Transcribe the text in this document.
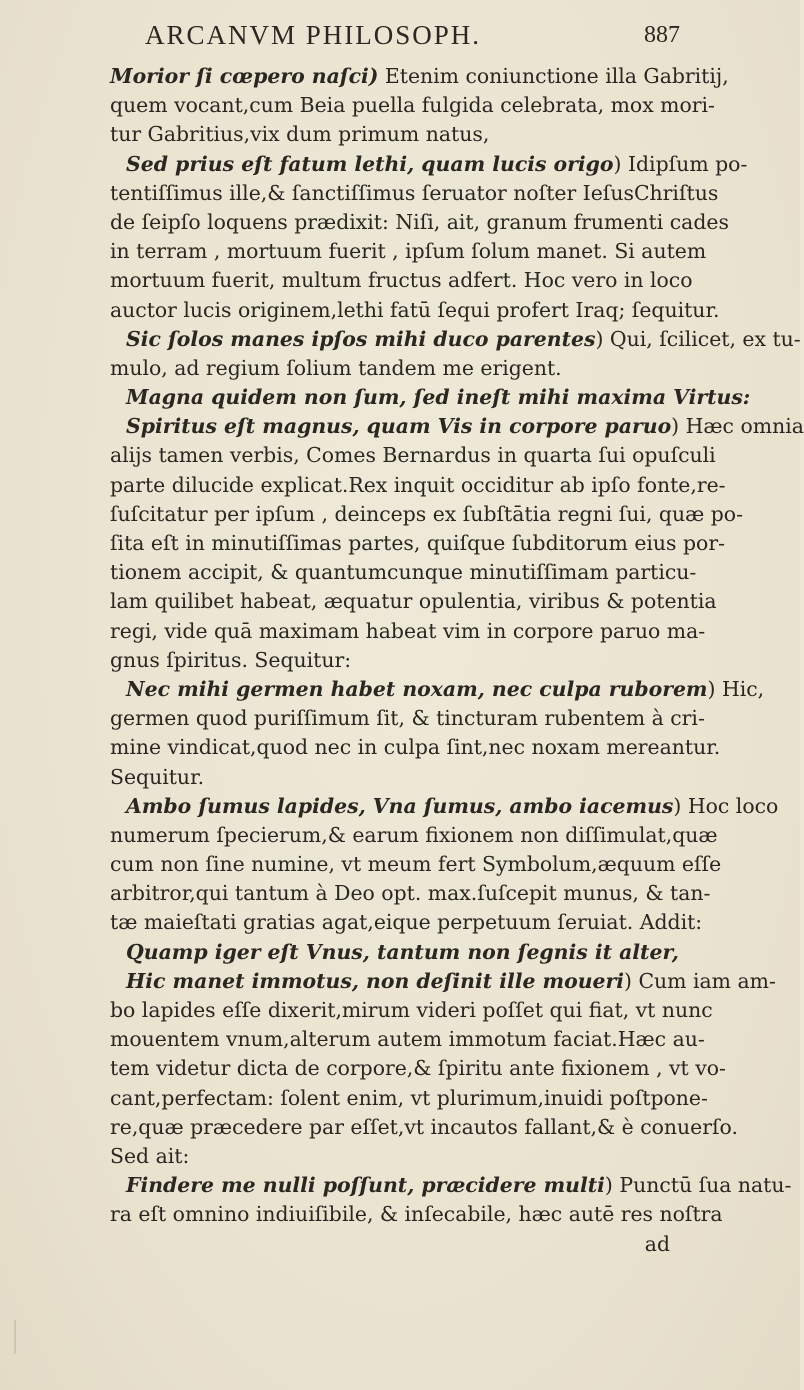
ARCANVM PHILOSOPH.	887
Morior ſi cœpero naſci) Etenim coniunctione illa Gabritij,
quem vocant,cum Beia puella fulgida celebrata, mox mori-
tur Gabritius,vix dum primum natus,
Sed prius eſt fatum lethi, quam lucis origo) Idipſum po-
tentiſſimus ille,& ſanctiſſimus ſeruator noſter IeſusChriſtus
de ſeipſo loquens prædixit: Niſi, ait, granum frumenti cades
in terram , mortuum fuerit , ipſum ſolum manet. Si autem
mortuum fuerit, multum fructus adfert. Hoc vero in loco
auctor lucis originem,lethi fatū ſequi profert Iraq; ſequitur.
Sic ſolos manes ipſos mihi duco parentes) Qui, ſcilicet, ex tu-
mulo, ad regium ſolium tandem me erigent.
Magna quidem non ſum, ſed ineſt mihi maxima Virtus:
Spiritus eſt magnus, quam Vis in corpore paruo) Hæc omnia
alijs tamen verbis, Comes Bernardus in quarta ſui opuſculi
parte dilucide explicat.Rex inquit occiditur ab ipſo fonte,re-
ſuſcitatur per ipſum , deinceps ex ſubſtātia regni ſui, quæ po-
ſita eſt in minutiſſimas partes, quiſque ſubditorum eius por-
tionem accipit, & quantumcunque minutiſſimam particu-
lam quilibet habeat, æquatur opulentia, viribus & potentia
regi, vide quā maximam habeat vim in corpore paruo ma-
gnus ſpiritus. Sequitur:
Nec mihi germen habet noxam, nec culpa ruborem) Hic,
germen quod puriſſimum ſit, & tincturam rubentem à cri-
mine vindicat,quod nec in culpa ſint,nec noxam mereantur.
Sequitur.
Ambo ſumus lapides, Vna ſumus, ambo iacemus) Hoc loco
numerum ſpecierum,& earum fixionem non diſſimulat,quæ
cum non ſine numine, vt meum fert Symbolum,æquum eſſe
arbitror,qui tantum à Deo opt. max.ſuſcepit munus, & tan-
tæ maieſtati gratias agat,eique perpetuum ſeruiat. Addit:
Quamp iger eſt Vnus, tantum non ſegnis it alter,
Hic manet immotus, non deſinit ille moueri) Cum iam am-
bo lapides eſſe dixerit,mirum videri poſſet qui fiat, vt nunc
mouentem vnum,alterum autem immotum faciat.Hæc au-
tem videtur dicta de corpore,& ſpiritu ante fixionem , vt vo-
cant,perfectam: ſolent enim, vt plurimum,inuidi poſtpone-
re,quæ præcedere par eſſet,vt incautos fallant,& è conuerſo.
Sed ait:
Findere me nulli poſſunt, præcidere multi) Punctū ſua natu-
ra eſt omnino indiuiſibile, & inſecabile, hæc autē res noſtra
ad
